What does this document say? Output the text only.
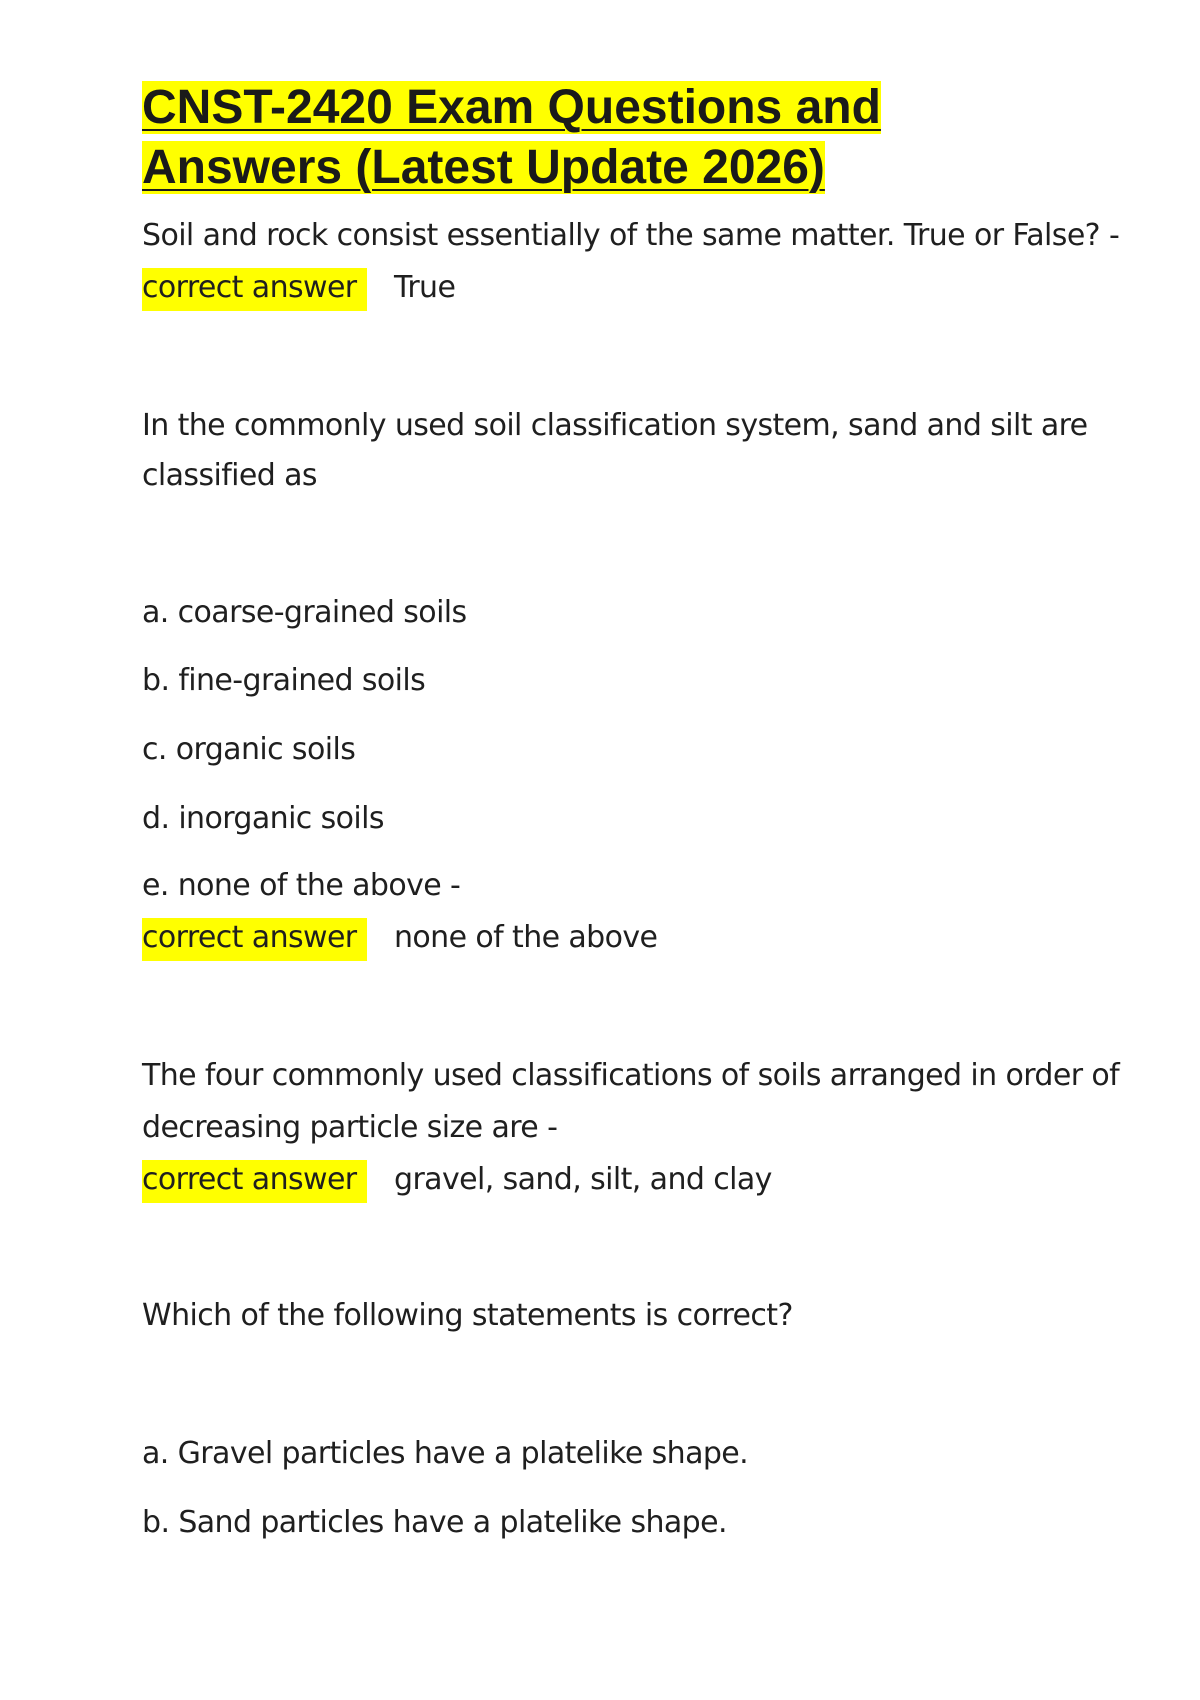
CNST-2420 Exam Questions and
Answers (Latest Update 2026)

Soil and rock consist essentially of the same matter. True or False? -

correct answer	True

In the commonly used soil classification system, sand and silt are

classified as

a. coarse-grained soils

b. fine-grained soils

c. organic soils

d. inorganic soils

e. none of the above -

correct answer	none of the above

The four commonly used classifications of soils arranged in order of

decreasing particle size are -

correct answer	gravel, sand, silt, and clay

Which of the following statements is correct?

a. Gravel particles have a platelike shape.

b. Sand particles have a platelike shape.
